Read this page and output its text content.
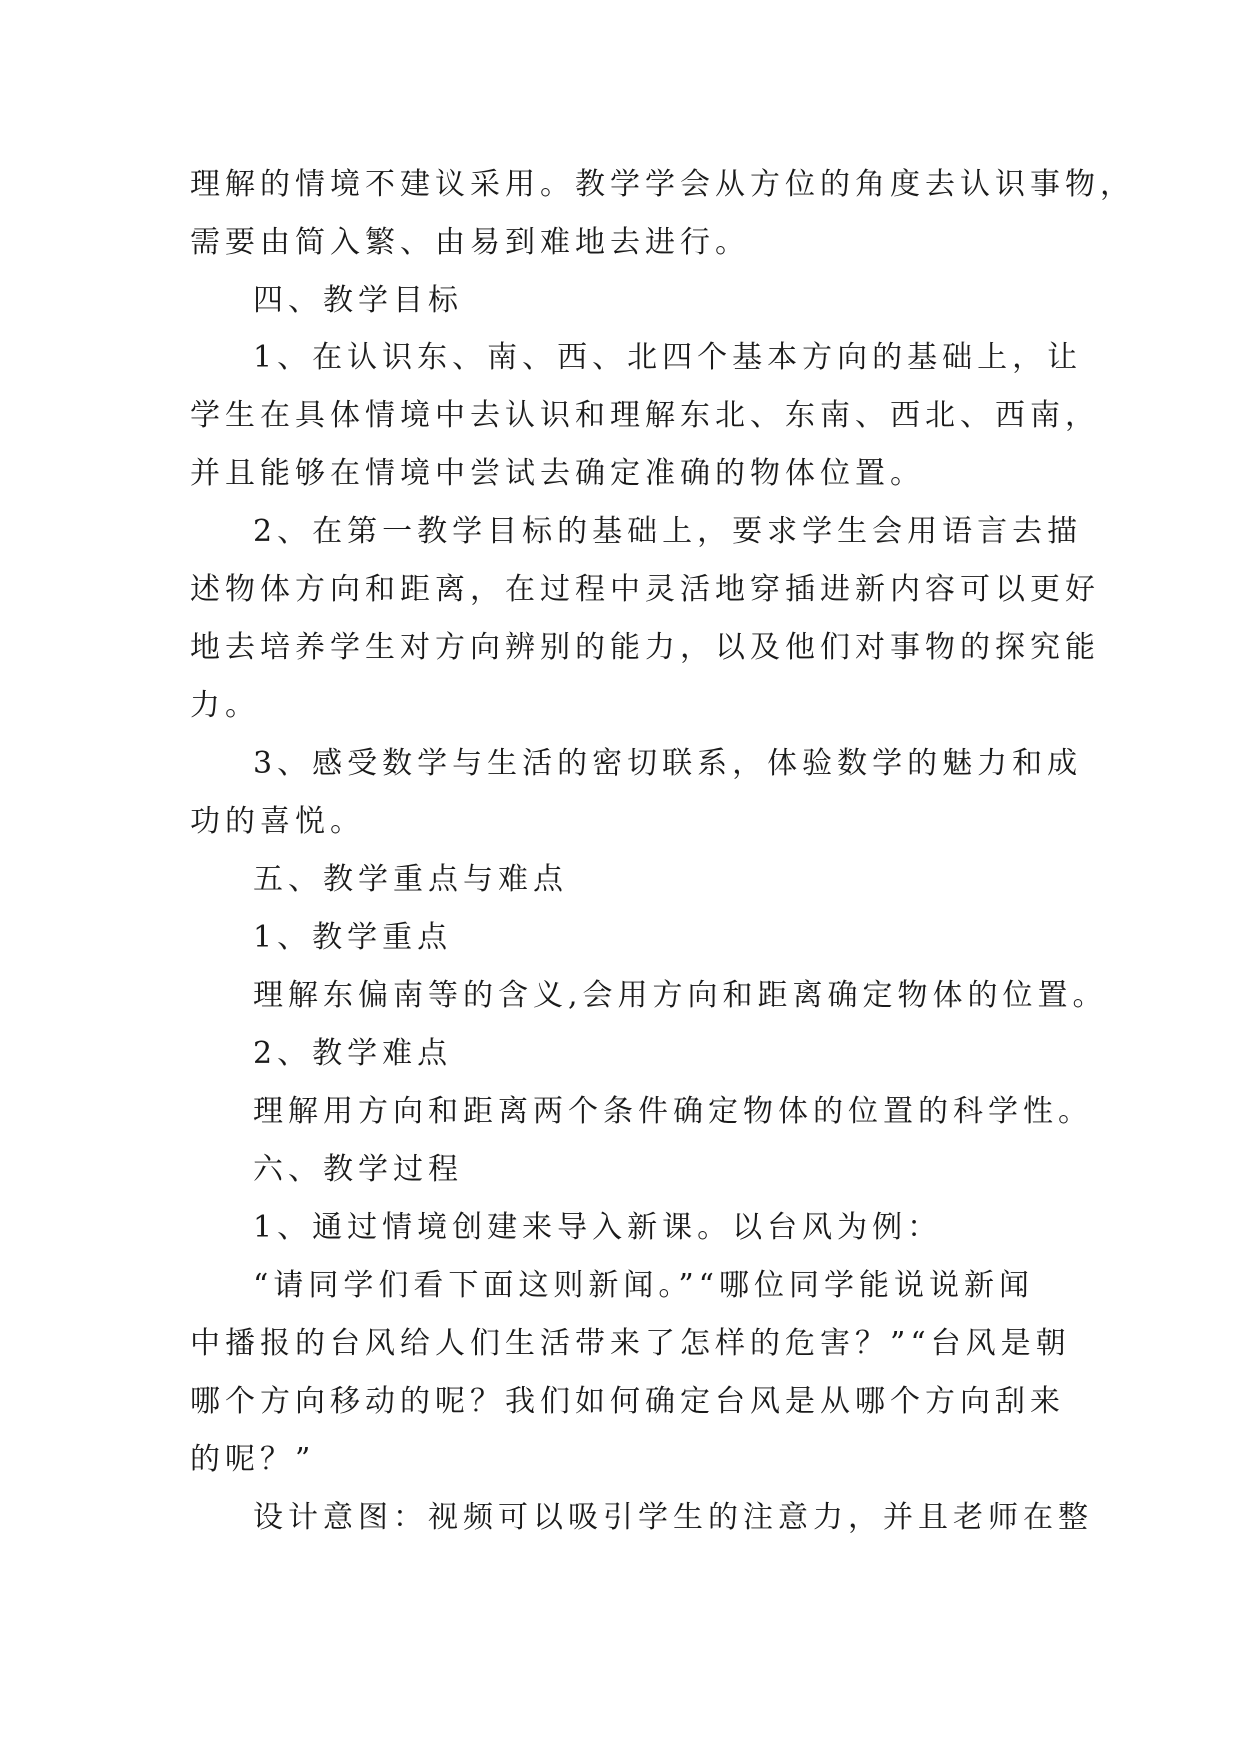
理解的情境不建议采用。教学学会从方位的角度去认识事物，
需要由简入繁、由易到难地去进行。
四、教学目标
1、在认识东、南、西、北四个基本方向的基础上，让
学生在具体情境中去认识和理解东北、东南、西北、西南，
并且能够在情境中尝试去确定准确的物体位置。
2、在第一教学目标的基础上，要求学生会用语言去描
述物体方向和距离，在过程中灵活地穿插进新内容可以更好
地去培养学生对方向辨别的能力，以及他们对事物的探究能
力。
3、感受数学与生活的密切联系，体验数学的魅力和成
功的喜悦。
五、教学重点与难点
1、教学重点
理解东偏南等的含义,会用方向和距离确定物体的位置。
2、教学难点
理解用方向和距离两个条件确定物体的位置的科学性。
六、教学过程
1、通过情境创建来导入新课。以台风为例：
“请同学们看下面这则新闻。”“哪位同学能说说新闻
中播报的台风给人们生活带来了怎样的危害？”“台风是朝
哪个方向移动的呢？我们如何确定台风是从哪个方向刮来
的呢？”
设计意图：视频可以吸引学生的注意力，并且老师在整
